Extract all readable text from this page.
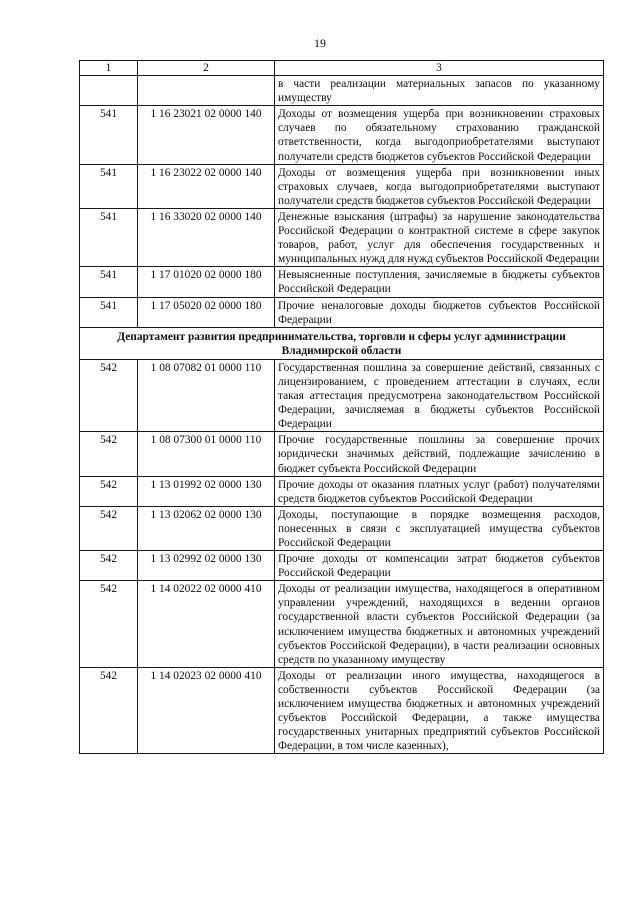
19
1	2	3
		в части реализации материальных запасов по указанному имуществу
541	1 16 23021 02 0000 140	Доходы от возмещения ущерба при возникновении страховых случаев по обязательному страхованию гражданской ответственности, когда выгодоприобретателями выступают получатели средств бюджетов субъектов Российской Федерации
541	1 16 23022 02 0000 140	Доходы от возмещения ущерба при возникновении иных страховых случаев, когда выгодоприобретателями выступают получатели средств бюджетов субъектов Российской Федерации
541	1 16 33020 02 0000 140	Денежные взыскания (штрафы) за нарушение законодательства Российской Федерации о контрактной системе в сфере закупок товаров, работ, услуг для обеспечения государственных и муниципальных нужд для нужд субъектов Российской Федерации
541	1 17 01020 02 0000 180	Невыясненные поступления, зачисляемые в бюджеты субъектов Российской Федерации
541	1 17 05020 02 0000 180	Прочие неналоговые доходы бюджетов субъектов Российской Федерации
Департамент развития предпринимательства, торговли и сферы услуг администрации Владимирской области		
542	1 08 07082 01 0000 110	Государственная пошлина за совершение действий, связанных с лицензированием, с проведением аттестации в случаях, если такая аттестация предусмотрена законодательством Российской Федерации, зачисляемая в бюджеты субъектов Российской Федерации
542	1 08 07300 01 0000 110	Прочие государственные пошлины за совершение прочих юридически значимых действий, подлежащие зачислению в бюджет субъекта Российской Федерации
542	1 13 01992 02 0000 130	Прочие доходы от оказания платных услуг (работ) получателями средств бюджетов субъектов Российской Федерации
542	1 13 02062 02 0000 130	Доходы, поступающие в порядке возмещения расходов, понесенных в связи с эксплуатацией имущества субъектов Российской Федерации
542	1 13 02992 02 0000 130	Прочие доходы от компенсации затрат бюджетов субъектов Российской Федерации
542	1 14 02022 02 0000 410	Доходы от реализации имущества, находящегося в оперативном управлении учреждений, находящихся в ведении органов государственной власти субъектов Российской Федерации (за исключением имущества бюджетных и автономных учреждений субъектов Российской Федерации), в части реализации основных средств по указанному имуществу
542	1 14 02023 02 0000 410	Доходы от реализации иного имущества, находящегося в собственности субъектов Российской Федерации (за исключением имущества бюджетных и автономных учреждений субъектов Российской Федерации, а также имущества государственных унитарных предприятий субъектов Российской Федерации, в том числе казенных),
